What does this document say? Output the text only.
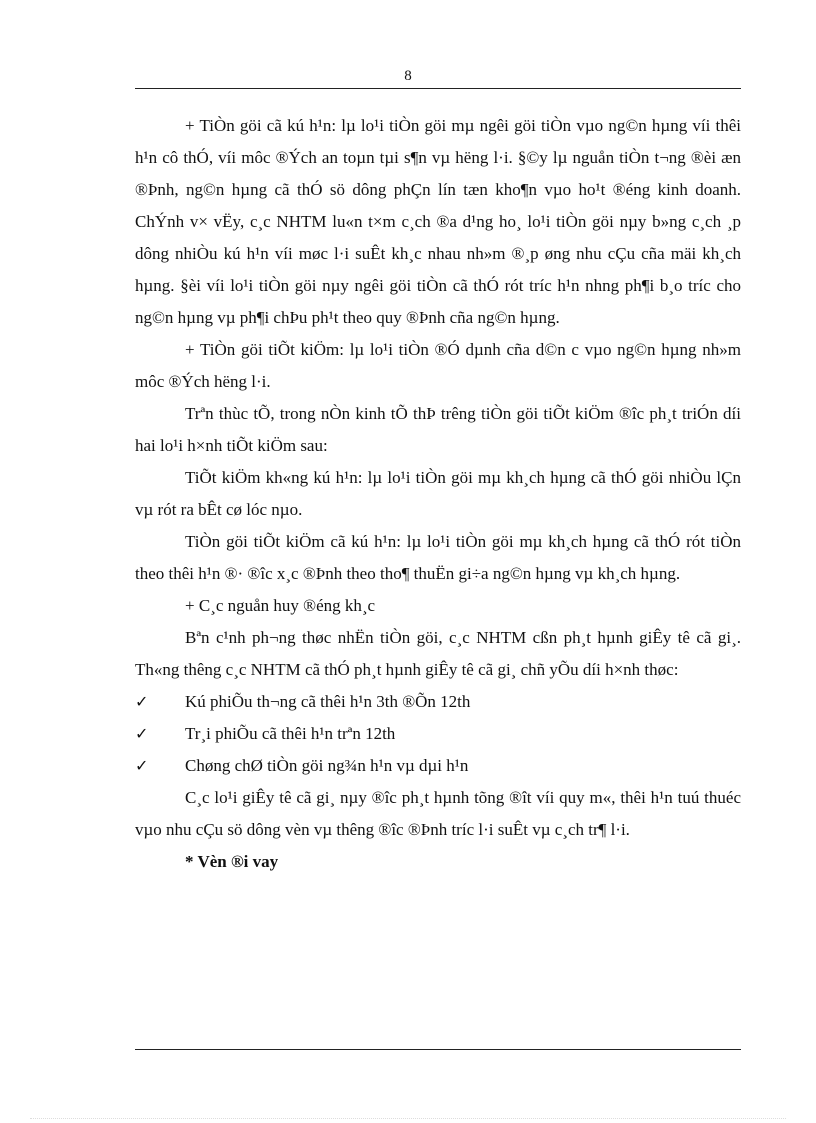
8

+ TiÒn göi cã kú h¹n: lµ lo¹i tiÒn göi mµ ngêi göi tiÒn vµo ng©n hµng víi thêi h¹n cô thÓ, víi môc ®Ých an toµn tµi s¶n vµ hëng l·i. §©y lµ nguån tiÒn t¬ng ®èi æn ®Þnh, ng©n hµng cã thÓ sö dông phÇn lín tæn kho¶n vµo ho¹t ®éng kinh doanh. ChÝnh v× vËy, c¸c NHTM lu«n t×m c¸ch ®a d¹ng ho¸ lo¹i tiÒn göi nµy b»ng c¸ch ¸p dông nhiÒu kú h¹n víi møc l·i suÊt kh¸c nhau nh»m ®¸p øng nhu cÇu cña mäi kh¸ch hµng. §èi víi lo¹i tiÒn göi nµy ngêi göi tiÒn cã thÓ rót tríc h¹n nhng ph¶i b¸o tríc cho ng©n hµng vµ ph¶i chÞu ph¹t theo quy ®Þnh cña ng©n hµng.

+ TiÒn göi tiÕt kiÖm: lµ lo¹i tiÒn ®Ó dµnh cña d©n c vµo ng©n hµng nh»m môc ®Ých hëng l·i.

Trªn thùc tÕ, trong nÒn kinh tÕ thÞ trêng tiÒn göi tiÕt kiÖm ®îc ph¸t triÓn díi hai lo¹i h×nh tiÕt kiÖm sau:

TiÕt kiÖm kh«ng kú h¹n: lµ lo¹i tiÒn göi mµ kh¸ch hµng cã thÓ göi nhiÒu lÇn vµ rót ra bÊt cø lóc nµo.

TiÒn göi tiÕt kiÖm cã kú h¹n: lµ lo¹i tiÒn göi mµ kh¸ch hµng cã thÓ rót tiÒn theo thêi h¹n ®· ®îc x¸c ®Þnh theo tho¶ thuËn gi÷a ng©n hµng vµ kh¸ch hµng.

+ C¸c nguån huy ®éng kh¸c

Bªn c¹nh ph¬ng thøc nhËn tiÒn göi, c¸c NHTM cßn ph¸t hµnh giÊy tê cã gi¸. Th«ng thêng c¸c NHTM cã thÓ ph¸t hµnh giÊy tê cã gi¸ chñ yÕu díi h×nh thøc:

✓	Kú phiÕu th¬ng cã thêi h¹n 3th ®Õn 12th

✓	Tr¸i phiÕu cã thêi h¹n trªn 12th

✓	Chøng chØ tiÒn göi ng¾n h¹n vµ dµi h¹n

C¸c lo¹i giÊy tê cã gi¸ nµy ®îc ph¸t hµnh tõng ®ît víi quy m«, thêi h¹n tuú thuéc vµo nhu cÇu sö dông vèn vµ thêng ®îc ®Þnh tríc l·i suÊt vµ c¸ch tr¶ l·i.

* Vèn ®i vay
